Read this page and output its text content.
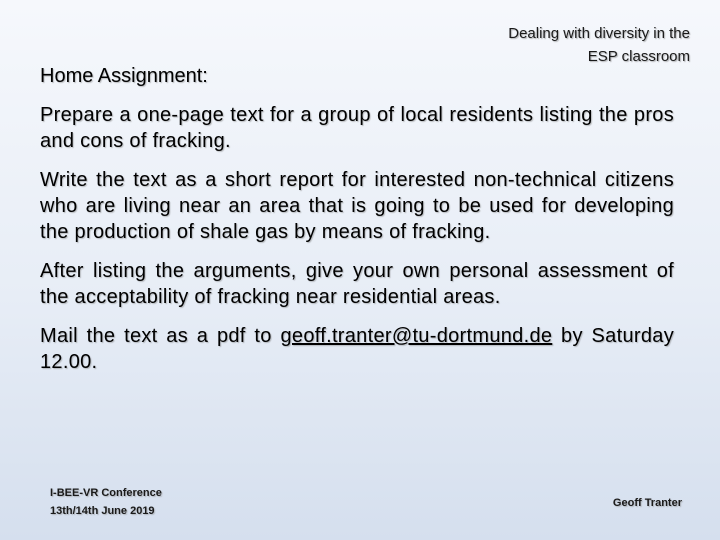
Dealing with diversity in the
ESP classroom
Home Assignment:

Prepare a one-page text for a group of local residents listing the pros and cons of fracking.

Write the text as a short report for interested non-technical citizens who are living near an area that is going to be used for developing the production of shale gas by means of fracking.

After listing the arguments, give your own personal assessment of the acceptability of fracking near residential areas.

Mail the text as a pdf to geoff.tranter@tu-dortmund.de by Saturday 12.00.

I-BEE-VR Conference
13th/14th June 2019
Geoff Tranter
